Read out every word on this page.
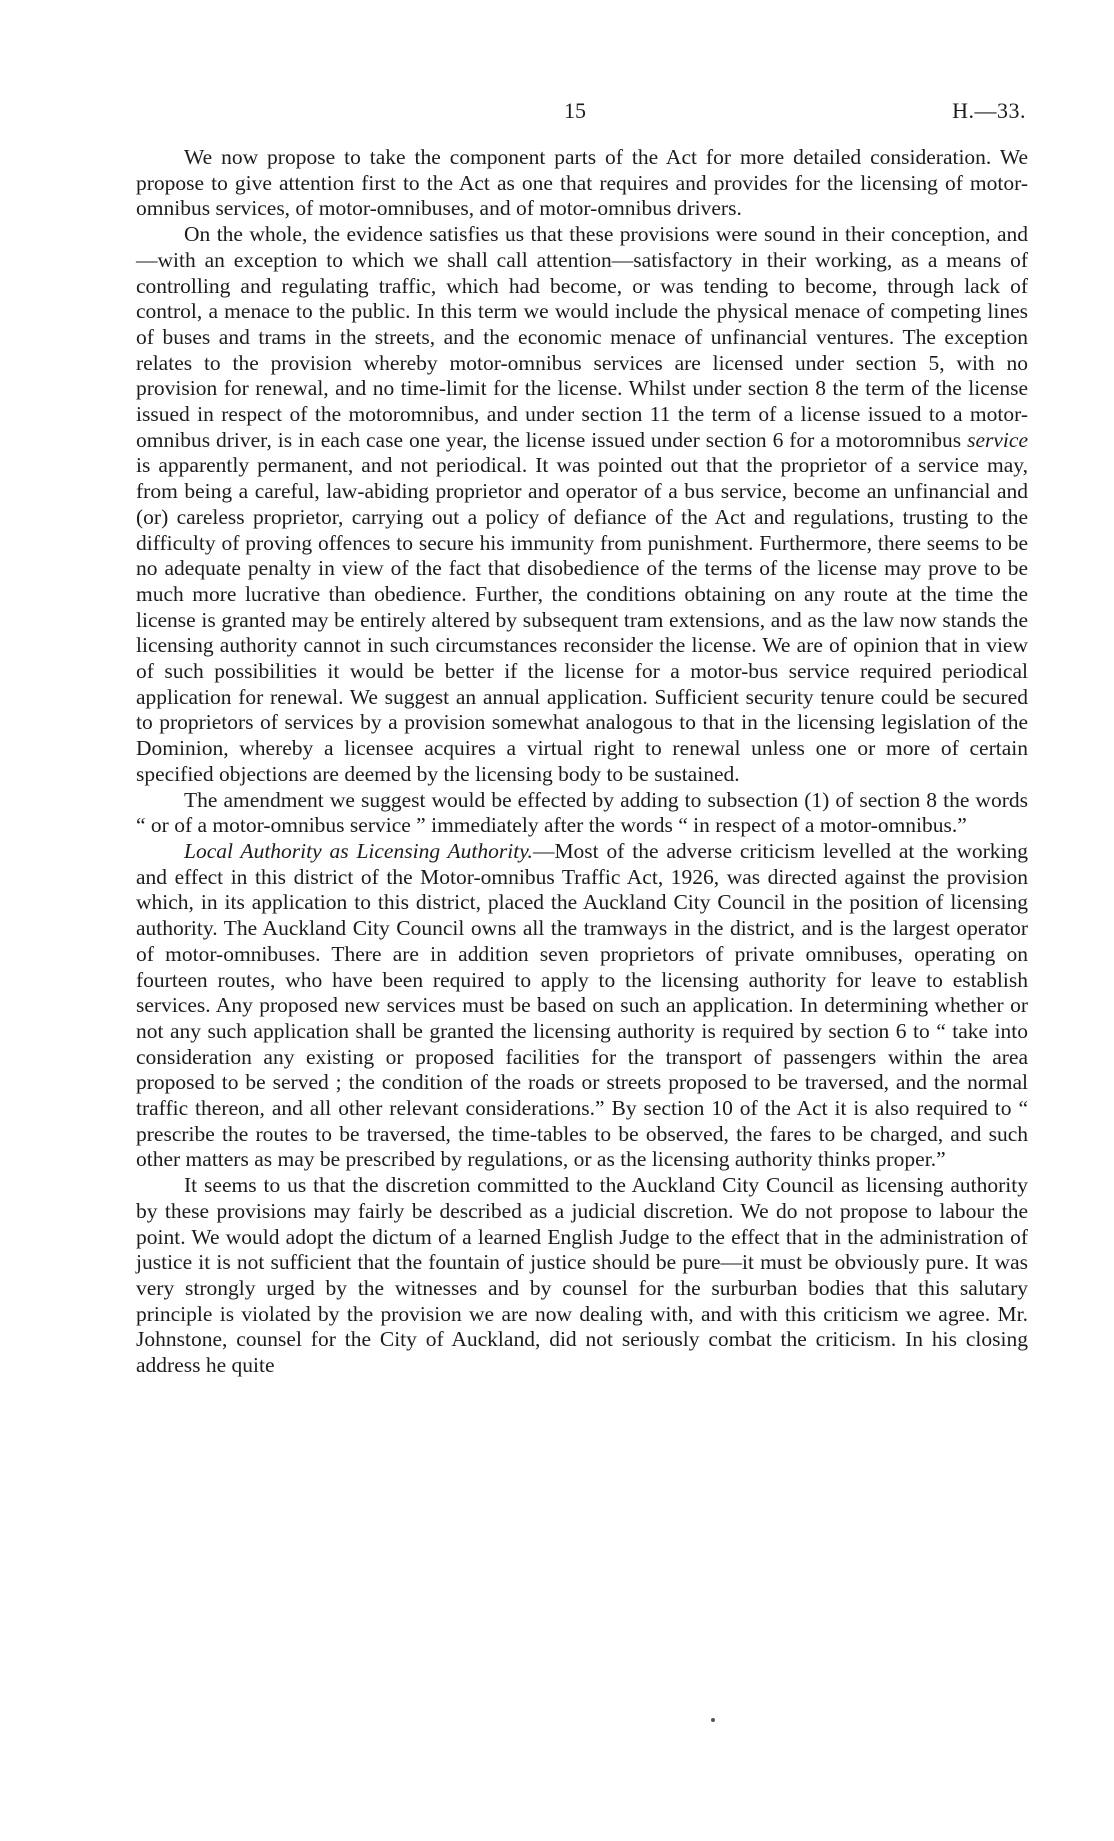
15	H.—33.

We now propose to take the component parts of the Act for more detailed consideration. We propose to give attention first to the Act as one that requires and provides for the licensing of motor-omnibus services, of motor-omnibuses, and of motor-omnibus drivers.

On the whole, the evidence satisfies us that these provisions were sound in their conception, and—with an exception to which we shall call attention—satisfactory in their working, as a means of controlling and regulating traffic, which had become, or was tending to become, through lack of control, a menace to the public. In this term we would include the physical menace of competing lines of buses and trams in the streets, and the economic menace of unfinancial ventures. The exception relates to the provision whereby motor-omnibus services are licensed under section 5, with no provision for renewal, and no time-limit for the license. Whilst under section 8 the term of the license issued in respect of the motoromnibus, and under section 11 the term of a license issued to a motor-omnibus driver, is in each case one year, the license issued under section 6 for a motoromnibus service is apparently permanent, and not periodical. It was pointed out that the proprietor of a service may, from being a careful, law-abiding proprietor and operator of a bus service, become an unfinancial and (or) careless proprietor, carrying out a policy of defiance of the Act and regulations, trusting to the difficulty of proving offences to secure his immunity from punishment. Furthermore, there seems to be no adequate penalty in view of the fact that disobedience of the terms of the license may prove to be much more lucrative than obedience. Further, the conditions obtaining on any route at the time the license is granted may be entirely altered by subsequent tram extensions, and as the law now stands the licensing authority cannot in such circumstances reconsider the license. We are of opinion that in view of such possibilities it would be better if the license for a motor-bus service required periodical application for renewal. We suggest an annual application. Sufficient security tenure could be secured to proprietors of services by a provision somewhat analogous to that in the licensing legislation of the Dominion, whereby a licensee acquires a virtual right to renewal unless one or more of certain specified objections are deemed by the licensing body to be sustained.

The amendment we suggest would be effected by adding to subsection (1) of section 8 the words “ or of a motor-omnibus service ” immediately after the words “ in respect of a motor-omnibus.”

Local Authority as Licensing Authority.—Most of the adverse criticism levelled at the working and effect in this district of the Motor-omnibus Traffic Act, 1926, was directed against the provision which, in its application to this district, placed the Auckland City Council in the position of licensing authority. The Auckland City Council owns all the tramways in the district, and is the largest operator of motor-omnibuses. There are in addition seven proprietors of private omnibuses, operating on fourteen routes, who have been required to apply to the licensing authority for leave to establish services. Any proposed new services must be based on such an application. In determining whether or not any such application shall be granted the licensing authority is required by section 6 to “ take into consideration any existing or proposed facilities for the transport of passengers within the area proposed to be served ; the condition of the roads or streets proposed to be traversed, and the normal traffic thereon, and all other relevant considerations.” By section 10 of the Act it is also required to “ prescribe the routes to be traversed, the time-tables to be observed, the fares to be charged, and such other matters as may be prescribed by regulations, or as the licensing authority thinks proper.”

It seems to us that the discretion committed to the Auckland City Council as licensing authority by these provisions may fairly be described as a judicial discretion. We do not propose to labour the point. We would adopt the dictum of a learned English Judge to the effect that in the administration of justice it is not sufficient that the fountain of justice should be pure—it must be obviously pure. It was very strongly urged by the witnesses and by counsel for the surburban bodies that this salutary principle is violated by the provision we are now dealing with, and with this criticism we agree. Mr. Johnstone, counsel for the City of Auckland, did not seriously combat the criticism. In his closing address he quite
